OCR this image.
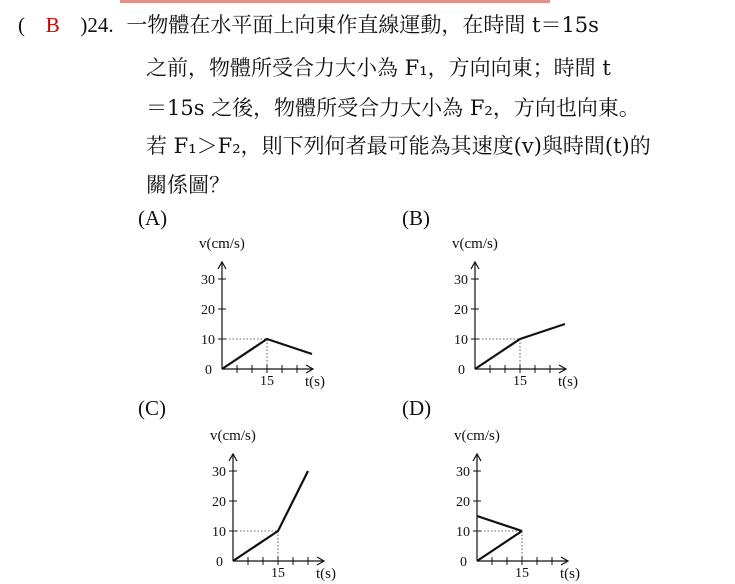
( B )24. 一物體在水平面上向東作直線運動，在時間 t＝15s
之前，物體所受合力大小為 F₁，方向向東；時間 t
＝15s 之後，物體所受合力大小為 F₂，方向也向東。
若 F₁＞F₂，則下列何者最可能為其速度(v)與時間(t)的
關係圖？
(A)	(B)
(C)	(D)
v(cm/s)
0
10
20
30
15 t(s)
v(cm/s)
0
10
20
30
15 t(s)
v(cm/s)
0
10
20
30
15 t(s)
v(cm/s)
0
10
20
30
15 t(s)
